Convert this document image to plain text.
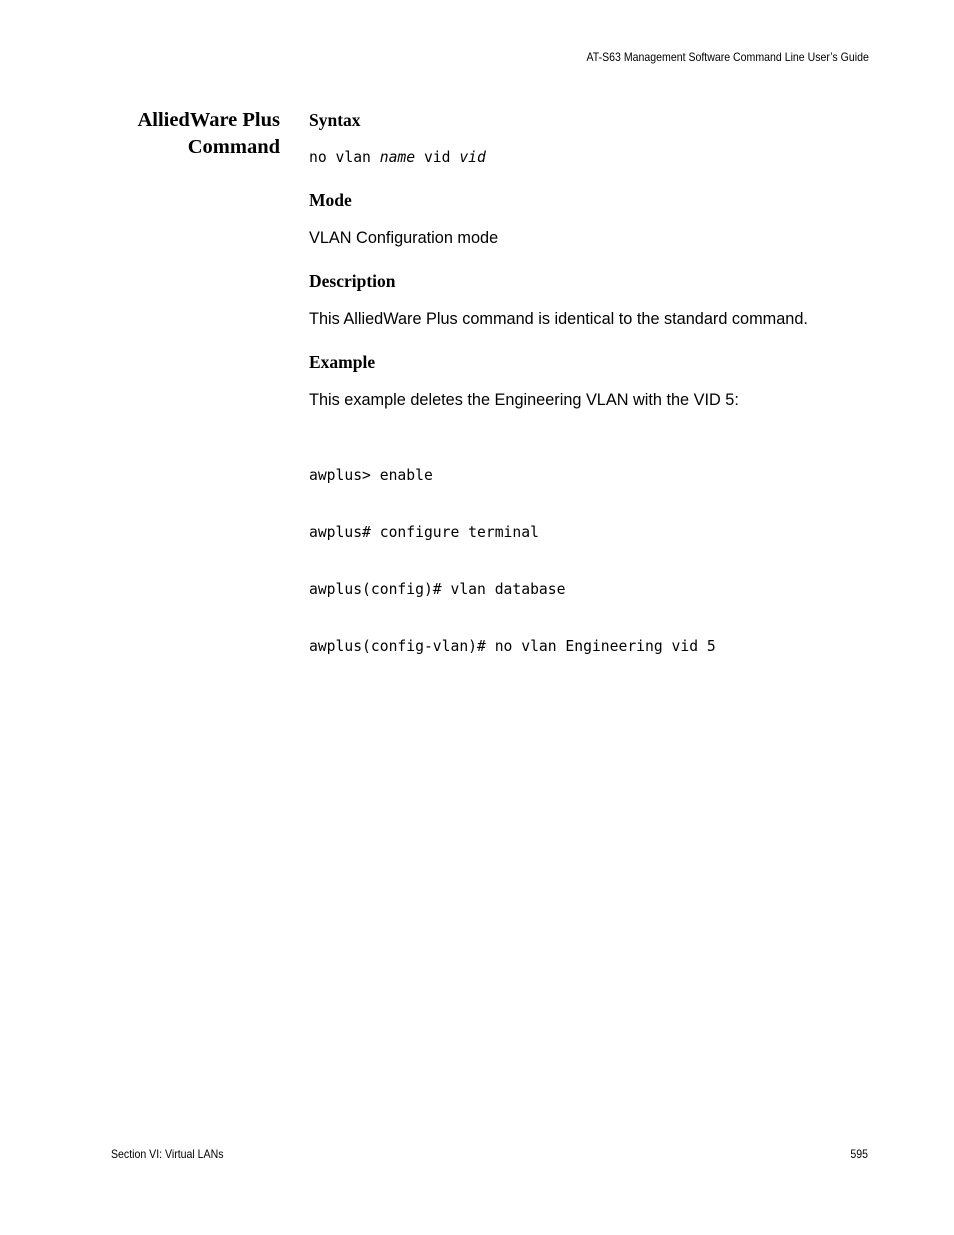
AT-S63 Management Software Command Line User’s Guide
AlliedWare Plus
Command
Syntax
no vlan name vid vid
Mode
VLAN Configuration mode
Description
This AlliedWare Plus command is identical to the standard command.
Example
This example deletes the Engineering VLAN with the VID 5:

awplus> enable

awplus# configure terminal

awplus(config)# vlan database

awplus(config-vlan)# no vlan Engineering vid 5

Section VI: Virtual LANs	595
